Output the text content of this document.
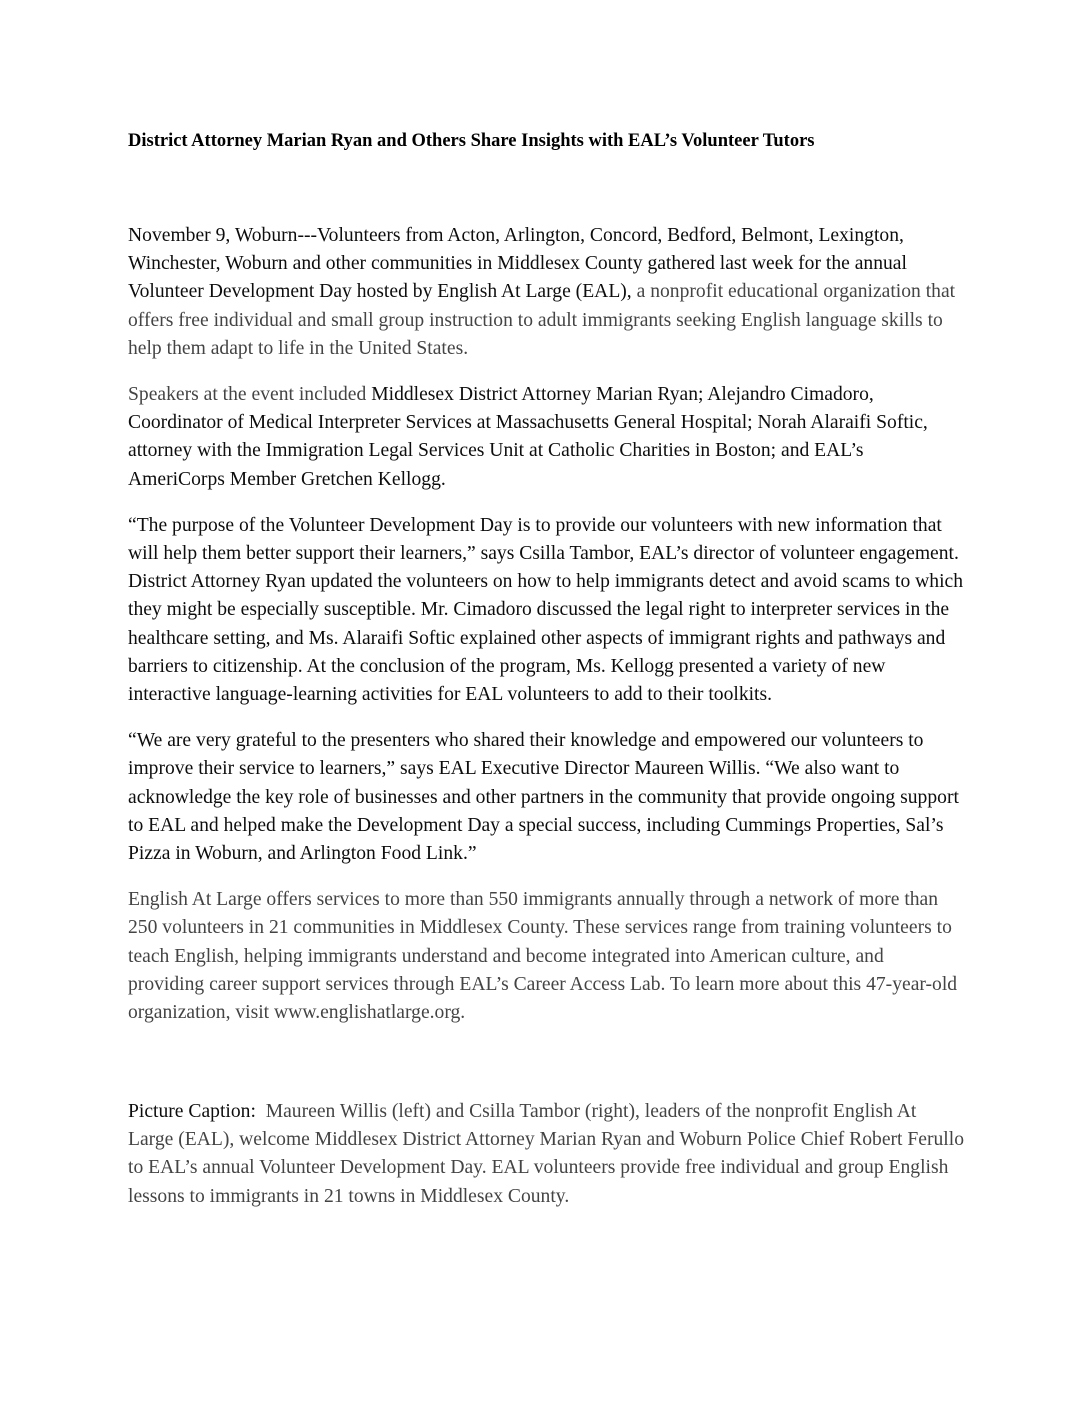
District Attorney Marian Ryan and Others Share Insights with EAL’s Volunteer Tutors

November 9, Woburn---Volunteers from Acton, Arlington, Concord, Bedford, Belmont, Lexington, Winchester, Woburn and other communities in Middlesex County gathered last week for the annual Volunteer Development Day hosted by English At Large (EAL), a nonprofit educational organization that offers free individual and small group instruction to adult immigrants seeking English language skills to help them adapt to life in the United States.

Speakers at the event included Middlesex District Attorney Marian Ryan; Alejandro Cimadoro, Coordinator of Medical Interpreter Services at Massachusetts General Hospital; Norah Alaraifi Softic, attorney with the Immigration Legal Services Unit at Catholic Charities in Boston; and EAL’s AmeriCorps Member Gretchen Kellogg.

“The purpose of the Volunteer Development Day is to provide our volunteers with new information that will help them better support their learners,” says Csilla Tambor, EAL’s director of volunteer engagement. District Attorney Ryan updated the volunteers on how to help immigrants detect and avoid scams to which they might be especially susceptible. Mr. Cimadoro discussed the legal right to interpreter services in the healthcare setting, and Ms. Alaraifi Softic explained other aspects of immigrant rights and pathways and barriers to citizenship. At the conclusion of the program, Ms. Kellogg presented a variety of new interactive language-learning activities for EAL volunteers to add to their toolkits.

“We are very grateful to the presenters who shared their knowledge and empowered our volunteers to improve their service to learners,” says EAL Executive Director Maureen Willis. “We also want to acknowledge the key role of businesses and other partners in the community that provide ongoing support to EAL and helped make the Development Day a special success, including Cummings Properties, Sal’s Pizza in Woburn, and Arlington Food Link.”

English At Large offers services to more than 550 immigrants annually through a network of more than 250 volunteers in 21 communities in Middlesex County. These services range from training volunteers to teach English, helping immigrants understand and become integrated into American culture, and providing career support services through EAL’s Career Access Lab. To learn more about this 47-year-old organization, visit www.englishatlarge.org.

Picture Caption:  Maureen Willis (left) and Csilla Tambor (right), leaders of the nonprofit English At Large (EAL), welcome Middlesex District Attorney Marian Ryan and Woburn Police Chief Robert Ferullo to EAL’s annual Volunteer Development Day. EAL volunteers provide free individual and group English lessons to immigrants in 21 towns in Middlesex County.
